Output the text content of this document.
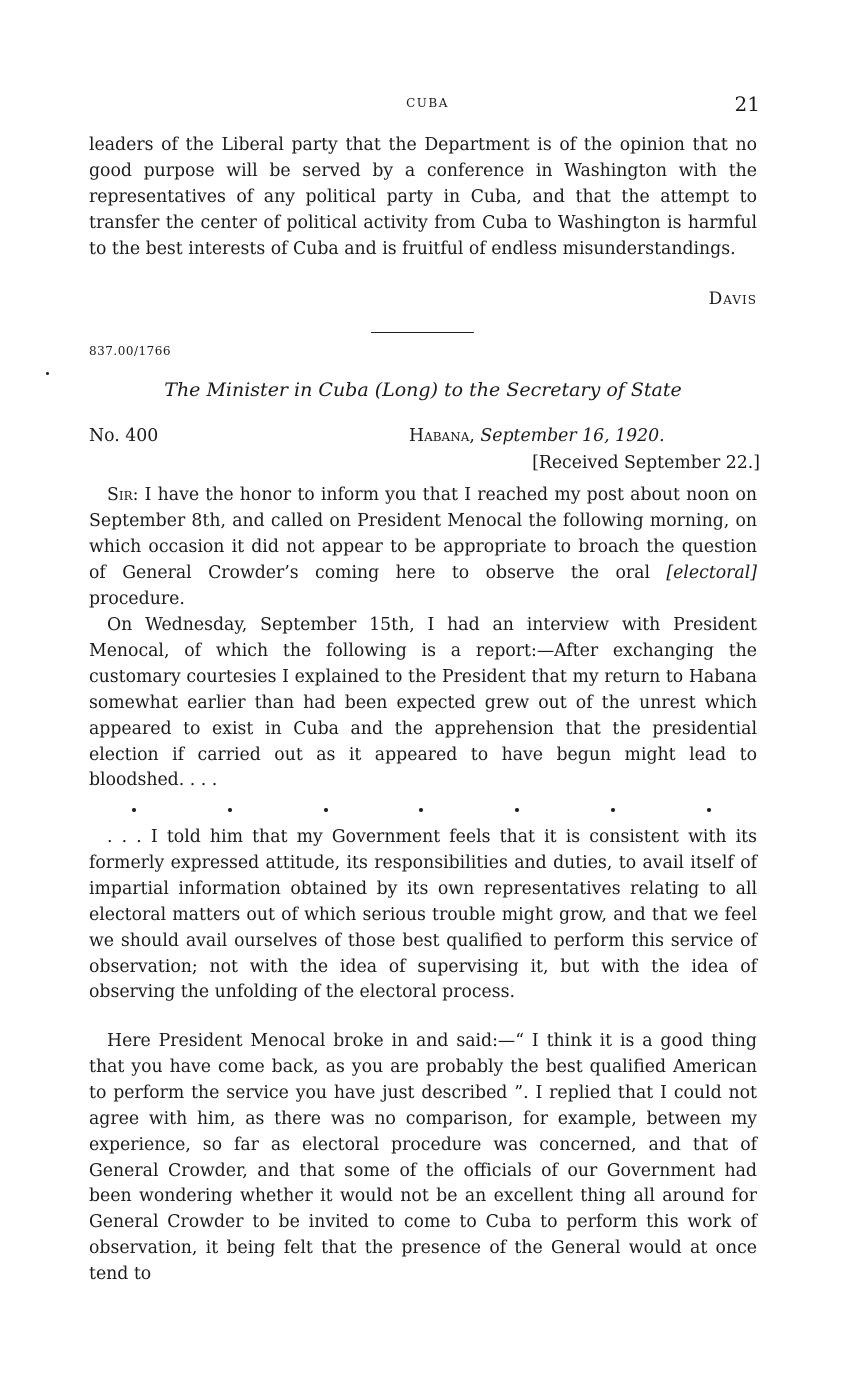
CUBA	21

leaders of the Liberal party that the Department is of the opinion that no good purpose will be served by a conference in Washington with the representatives of any political party in Cuba, and that the attempt to transfer the center of political activity from Cuba to Washington is harmful to the best interests of Cuba and is fruitful of endless misunderstandings.

Davis
837.00/1766
The Minister in Cuba (Long) to the Secretary of State
No. 400	Habana, September 16, 1920.
[Received September 22.]

Sir: I have the honor to inform you that I reached my post about noon on September 8th, and called on President Menocal the following morning, on which occasion it did not appear to be appropriate to broach the question of General Crowder’s coming here to observe the oral [electoral] procedure.

On Wednesday, September 15th, I had an interview with President Menocal, of which the following is a report:—After exchanging the customary courtesies I explained to the President that my return to Habana somewhat earlier than had been expected grew out of the unrest which appeared to exist in Cuba and the apprehension that the presidential election if carried out as it appeared to have begun might lead to bloodshed. . . .

. . . I told him that my Government feels that it is consistent with its formerly expressed attitude, its responsibilities and duties, to avail itself of impartial information obtained by its own representatives relating to all electoral matters out of which serious trouble might grow, and that we feel we should avail ourselves of those best qualified to perform this service of observation; not with the idea of supervising it, but with the idea of observing the unfolding of the electoral process.

Here President Menocal broke in and said:—“ I think it is a good thing that you have come back, as you are probably the best qualified American to perform the service you have just described ”. I replied that I could not agree with him, as there was no comparison, for example, between my experience, so far as electoral procedure was concerned, and that of General Crowder, and that some of the officials of our Government had been wondering whether it would not be an excellent thing all around for General Crowder to be invited to come to Cuba to perform this work of observation, it being felt that the presence of the General would at once tend to
